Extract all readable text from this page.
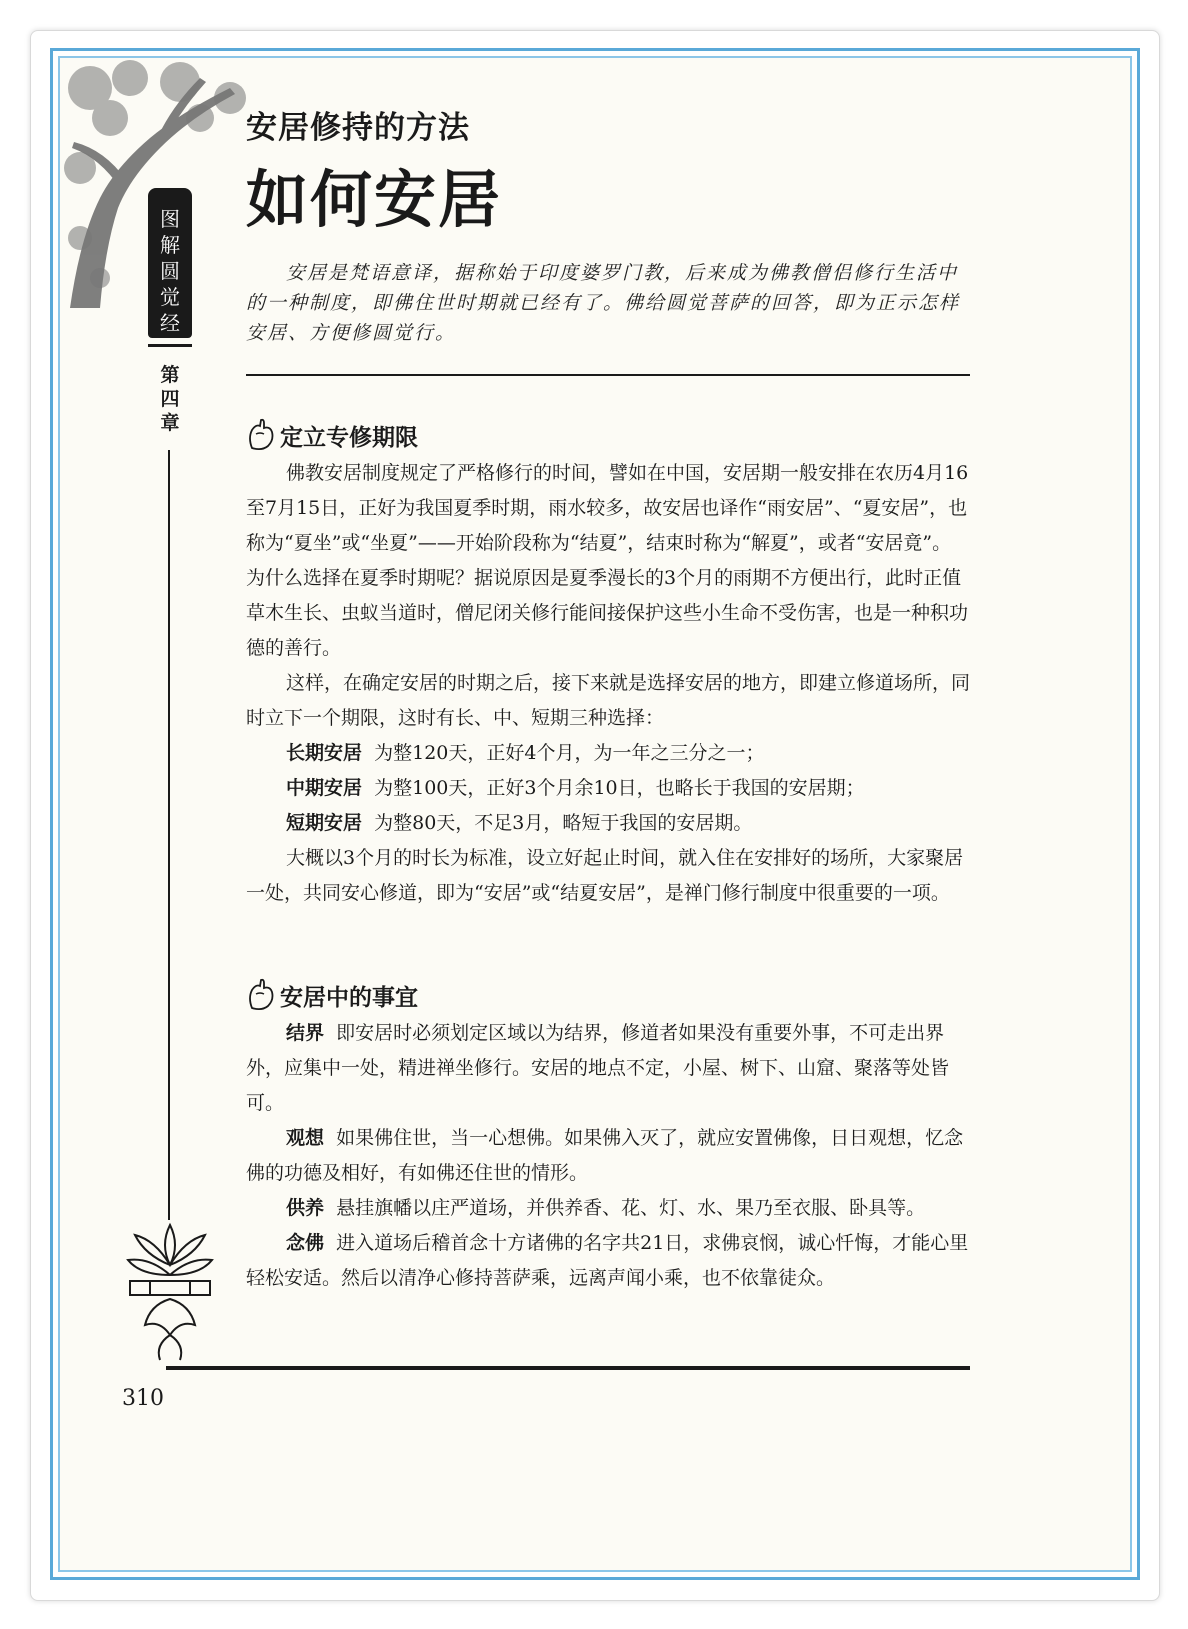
图
解
圆
觉
经
第
四
章
安居修持的方法
如何安居
安居是梵语意译，据称始于印度婆罗门教，后来成为佛教僧侣修行生活中的一种制度，即佛住世时期就已经有了。佛给圆觉菩萨的回答，即为正示怎样安居、方便修圆觉行。
定立专修期限

佛教安居制度规定了严格修行的时间，譬如在中国，安居期一般安排在农历4月16至7月15日，正好为我国夏季时期，雨水较多，故安居也译作“雨安居”、“夏安居”，也称为“夏坐”或“坐夏”——开始阶段称为“结夏”，结束时称为“解夏”，或者“安居竟”。为什么选择在夏季时期呢？据说原因是夏季漫长的3个月的雨期不方便出行，此时正值草木生长、虫蚁当道时，僧尼闭关修行能间接保护这些小生命不受伤害，也是一种积功德的善行。

这样，在确定安居的时期之后，接下来就是选择安居的地方，即建立修道场所，同时立下一个期限，这时有长、中、短期三种选择：

长期安居 为整120天，正好4个月，为一年之三分之一；
中期安居 为整100天，正好3个月余10日，也略长于我国的安居期；
短期安居 为整80天，不足3月，略短于我国的安居期。

大概以3个月的时长为标准，设立好起止时间，就入住在安排好的场所，大家聚居一处，共同安心修道，即为“安居”或“结夏安居”，是禅门修行制度中很重要的一项。

安居中的事宜

结界 即安居时必须划定区域以为结界，修道者如果没有重要外事，不可走出界外，应集中一处，精进禅坐修行。安居的地点不定，小屋、树下、山窟、聚落等处皆可。

观想 如果佛住世，当一心想佛。如果佛入灭了，就应安置佛像，日日观想，忆念佛的功德及相好，有如佛还住世的情形。

供养 悬挂旗幡以庄严道场，并供养香、花、灯、水、果乃至衣服、卧具等。

念佛 进入道场后稽首念十方诸佛的名字共21日，求佛哀悯，诚心忏悔，才能心里轻松安适。然后以清净心修持菩萨乘，远离声闻小乘，也不依靠徒众。

310
